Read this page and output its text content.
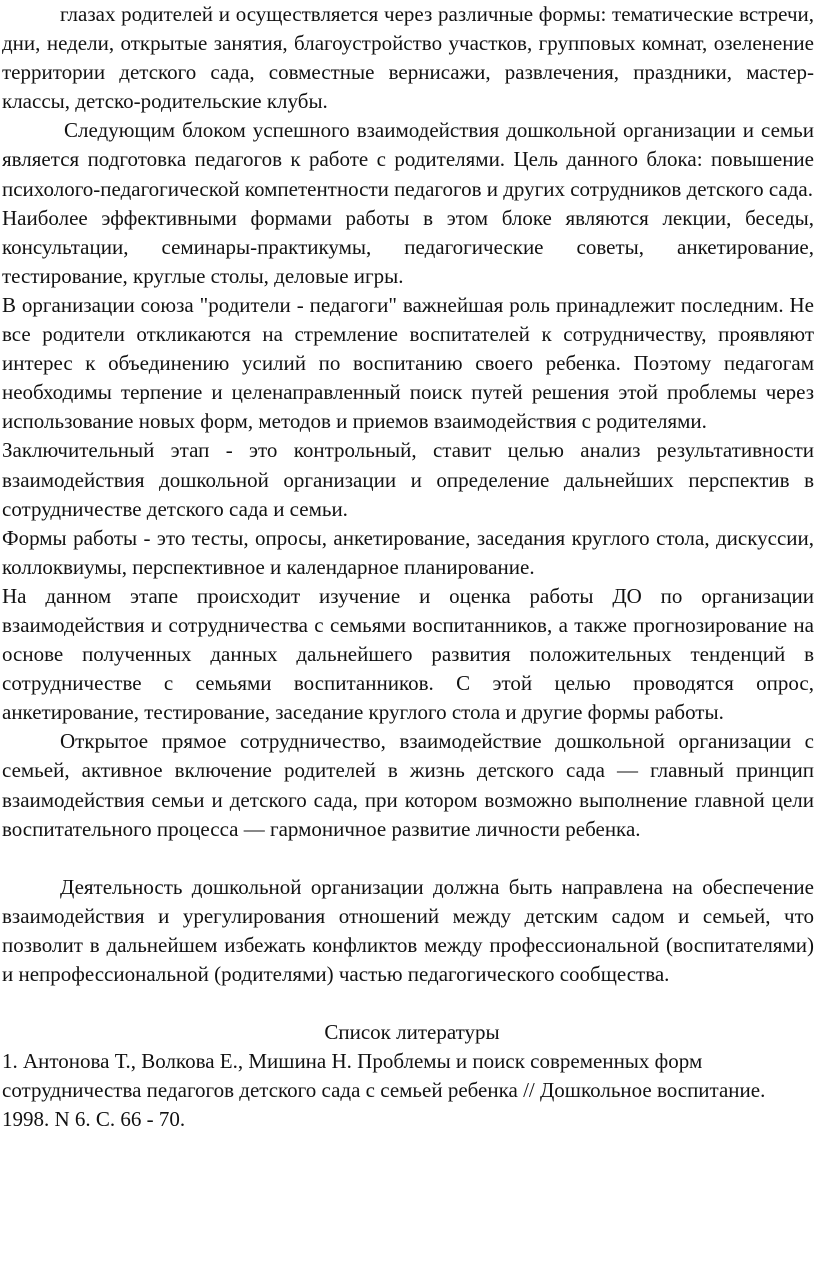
глазах родителей и осуществляется через различные формы: тематические встречи, дни, недели, открытые занятия, благоустройство участков, групповых комнат, озеленение территории детского сада, совместные вернисажи, развлечения, праздники, мастер-классы, детско-родительские клубы.

Следующим блоком успешного взаимодействия дошкольной организации и семьи является подготовка педагогов к работе с родителями. Цель данного блока: повышение психолого-педагогической компетентности педагогов и других сотрудников детского сада.

Наиболее эффективными формами работы в этом блоке являются лекции, беседы, консультации, семинары-практикумы, педагогические советы, анкетирование, тестирование, круглые столы, деловые игры.

В организации союза "родители - педагоги" важнейшая роль принадлежит последним. Не все родители откликаются на стремление воспитателей к сотрудничеству, проявляют интерес к объединению усилий по воспитанию своего ребенка. Поэтому педагогам необходимы терпение и целенаправленный поиск путей решения этой проблемы через использование новых форм, методов и приемов взаимодействия с родителями.

Заключительный этап - это контрольный, ставит целью анализ результативности взаимодействия дошкольной организации и определение дальнейших перспектив в сотрудничестве детского сада и семьи.

Формы работы - это тесты, опросы, анкетирование, заседания круглого стола, дискуссии, коллоквиумы, перспективное и календарное планирование.

На данном этапе происходит изучение и оценка работы ДО по организации взаимодействия и сотрудничества с семьями воспитанников, а также прогнозирование на основе полученных данных дальнейшего развития положительных тенденций в сотрудничестве с семьями воспитанников. С этой целью проводятся опрос, анкетирование, тестирование, заседание круглого стола и другие формы работы.

Открытое прямое сотрудничество, взаимодействие дошкольной организации с семьей, активное включение родителей в жизнь детского сада — главный принцип взаимодействия семьи и детского сада, при котором возможно выполнение главной цели воспитательного процесса — гармоничное развитие личности ребенка.

Деятельность дошкольной организации должна быть направлена на обеспечение взаимодействия и урегулирования отношений между детским садом и семьей, что позволит в дальнейшем избежать конфликтов между профессиональной (воспитателями) и непрофессиональной (родителями) частью педагогического сообщества.

Список литературы

1. Антонова Т., Волкова Е., Мишина Н. Проблемы и поиск современных форм сотрудничества педагогов детского сада с семьей ребенка // Дошкольное воспитание. 1998. N 6. С. 66 - 70.
